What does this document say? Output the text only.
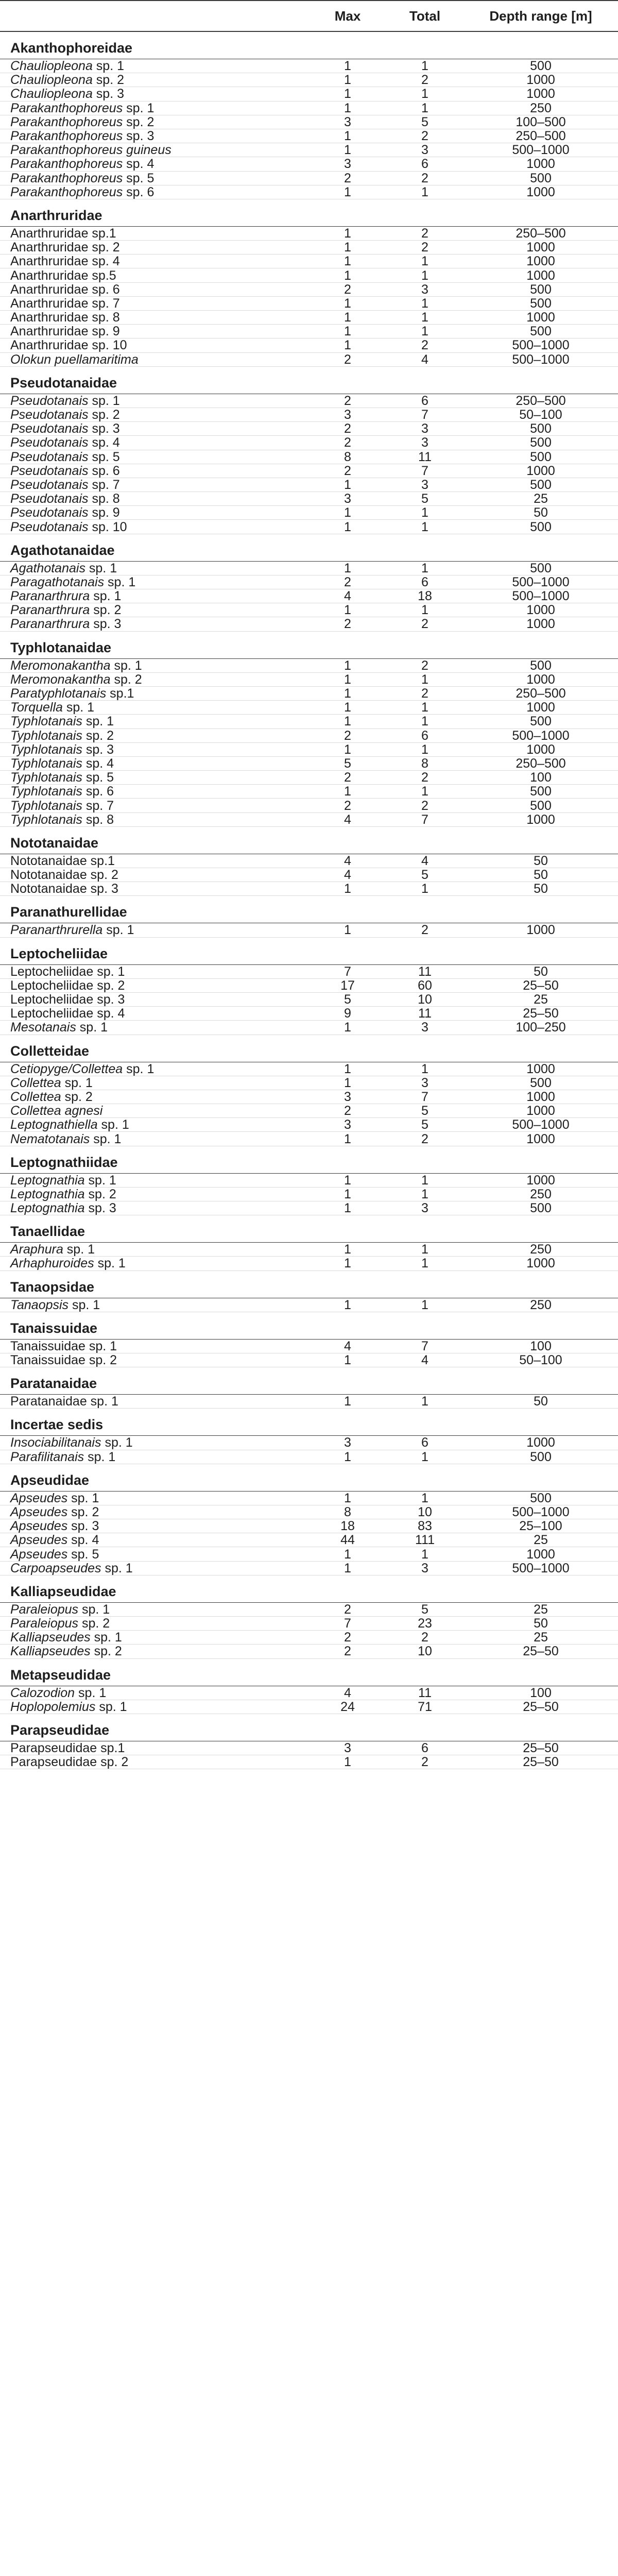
	Max	Total	Depth range [m]
Akanthophoreidae			
Chauliopleona sp. 1	1	1	500
Chauliopleona sp. 2	1	2	1000
Chauliopleona sp. 3	1	1	1000
Parakanthophoreus sp. 1	1	1	250
Parakanthophoreus sp. 2	3	5	100–500
Parakanthophoreus sp. 3	1	2	250–500
Parakanthophoreus guineus	1	3	500–1000
Parakanthophoreus sp. 4	3	6	1000
Parakanthophoreus sp. 5	2	2	500
Parakanthophoreus sp. 6	1	1	1000
Anarthruridae			
Anarthruridae sp.1	1	2	250–500
Anarthruridae sp. 2	1	2	1000
Anarthruridae sp. 4	1	1	1000
Anarthruridae sp.5	1	1	1000
Anarthruridae sp. 6	2	3	500
Anarthruridae sp. 7	1	1	500
Anarthruridae sp. 8	1	1	1000
Anarthruridae sp. 9	1	1	500
Anarthruridae sp. 10	1	2	500–1000
Olokun puellamaritima	2	4	500–1000
Pseudotanaidae			
Pseudotanais sp. 1	2	6	250–500
Pseudotanais sp. 2	3	7	50–100
Pseudotanais sp. 3	2	3	500
Pseudotanais sp. 4	2	3	500
Pseudotanais sp. 5	8	11	500
Pseudotanais sp. 6	2	7	1000
Pseudotanais sp. 7	1	3	500
Pseudotanais sp. 8	3	5	25
Pseudotanais sp. 9	1	1	50
Pseudotanais sp. 10	1	1	500
Agathotanaidae			
Agathotanais sp. 1	1	1	500
Paragathotanais sp. 1	2	6	500–1000
Paranarthrura sp. 1	4	18	500–1000
Paranarthrura sp. 2	1	1	1000
Paranarthrura sp. 3	2	2	1000
Typhlotanaidae			
Meromonakantha sp. 1	1	2	500
Meromonakantha sp. 2	1	1	1000
Paratyphlotanais sp.1	1	2	250–500
Torquella sp. 1	1	1	1000
Typhlotanais sp. 1	1	1	500
Typhlotanais sp. 2	2	6	500–1000
Typhlotanais sp. 3	1	1	1000
Typhlotanais sp. 4	5	8	250–500
Typhlotanais sp. 5	2	2	100
Typhlotanais sp. 6	1	1	500
Typhlotanais sp. 7	2	2	500
Typhlotanais sp. 8	4	7	1000
Nototanaidae			
Nototanaidae sp.1	4	4	50
Nototanaidae sp. 2	4	5	50
Nototanaidae sp. 3	1	1	50
Paranathurellidae			
Paranarthrurella sp. 1	1	2	1000
Leptocheliidae			
Leptocheliidae sp. 1	7	11	50
Leptocheliidae sp. 2	17	60	25–50
Leptocheliidae sp. 3	5	10	25
Leptocheliidae sp. 4	9	11	25–50
Mesotanais sp. 1	1	3	100–250
Colletteidae			
Cetiopyge/Collettea sp. 1	1	1	1000
Collettea sp. 1	1	3	500
Collettea sp. 2	3	7	1000
Collettea agnesi	2	5	1000
Leptognathiella sp. 1	3	5	500–1000
Nematotanais sp. 1	1	2	1000
Leptognathiidae			
Leptognathia sp. 1	1	1	1000
Leptognathia sp. 2	1	1	250
Leptognathia sp. 3	1	3	500
Tanaellidae			
Araphura sp. 1	1	1	250
Arhaphuroides sp. 1	1	1	1000
Tanaopsidae			
Tanaopsis sp. 1	1	1	250
Tanaissuidae			
Tanaissuidae sp. 1	4	7	100
Tanaissuidae sp. 2	1	4	50–100
Paratanaidae			
Paratanaidae sp. 1	1	1	50
Incertae sedis			
Insociabilitanais sp. 1	3	6	1000
Parafilitanais sp. 1	1	1	500
Apseudidae			
Apseudes sp. 1	1	1	500
Apseudes sp. 2	8	10	500–1000
Apseudes sp. 3	18	83	25–100
Apseudes sp. 4	44	111	25
Apseudes sp. 5	1	1	1000
Carpoapseudes sp. 1	1	3	500–1000
Kalliapseudidae			
Paraleiopus sp. 1	2	5	25
Paraleiopus sp. 2	7	23	50
Kalliapseudes sp. 1	2	2	25
Kalliapseudes sp. 2	2	10	25–50
Metapseudidae			
Calozodion sp. 1	4	11	100
Hoplopolemius sp. 1	24	71	25–50
Parapseudidae			
Parapseudidae sp.1	3	6	25–50
Parapseudidae sp. 2	1	2	25–50
